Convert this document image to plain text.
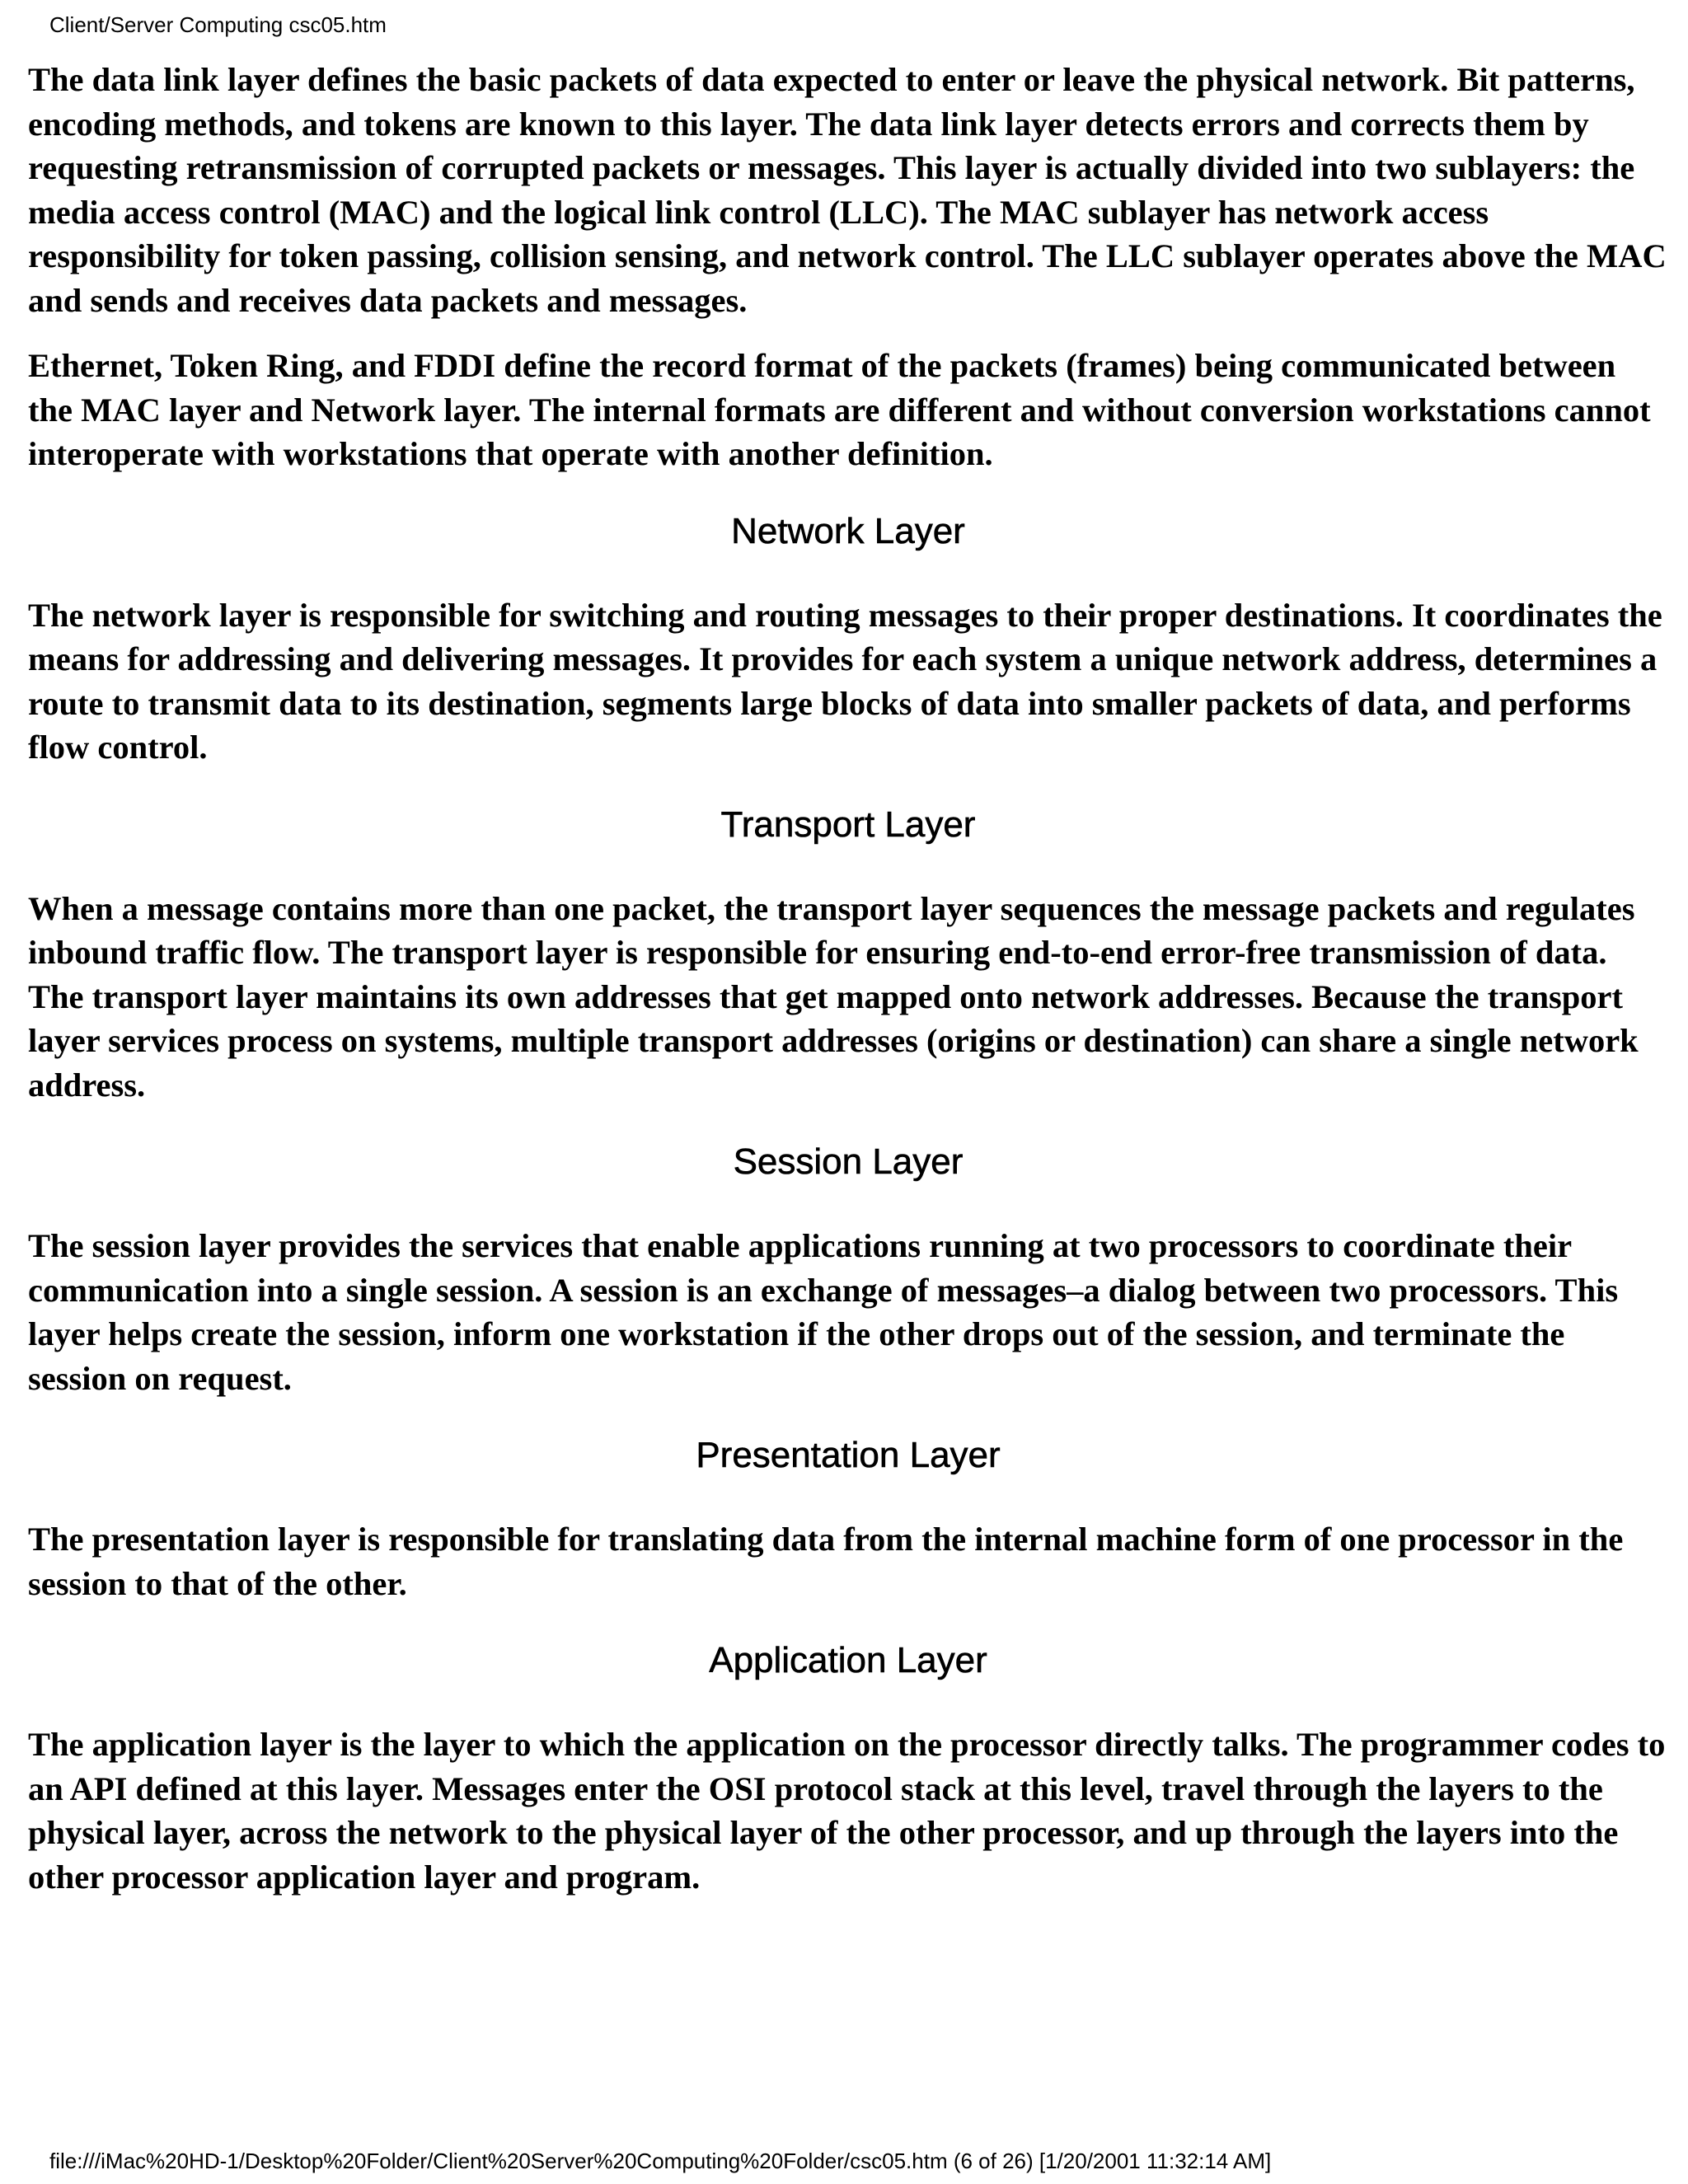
Client/Server Computing csc05.htm

The data link layer defines the basic packets of data expected to enter or leave the physical network. Bit patterns, encoding methods, and tokens are known to this layer. The data link layer detects errors and corrects them by requesting retransmission of corrupted packets or messages. This layer is actually divided into two sublayers: the media access control (MAC) and the logical link control (LLC). The MAC sublayer has network access responsibility for token passing, collision sensing, and network control. The LLC sublayer operates above the MAC and sends and receives data packets and messages.

Ethernet, Token Ring, and FDDI define the record format of the packets (frames) being communicated between the MAC layer and Network layer. The internal formats are different and without conversion workstations cannot interoperate with workstations that operate with another definition.

Network Layer

The network layer is responsible for switching and routing messages to their proper destinations. It coordinates the means for addressing and delivering messages. It provides for each system a unique network address, determines a route to transmit data to its destination, segments large blocks of data into smaller packets of data, and performs flow control.

Transport Layer

When a message contains more than one packet, the transport layer sequences the message packets and regulates inbound traffic flow. The transport layer is responsible for ensuring end-to-end error-free transmission of data. The transport layer maintains its own addresses that get mapped onto network addresses. Because the transport layer services process on systems, multiple transport addresses (origins or destination) can share a single network address.

Session Layer

The session layer provides the services that enable applications running at two processors to coordinate their communication into a single session. A session is an exchange of messages–a dialog between two processors. This layer helps create the session, inform one workstation if the other drops out of the session, and terminate the session on request.

Presentation Layer

The presentation layer is responsible for translating data from the internal machine form of one processor in the session to that of the other.

Application Layer

The application layer is the layer to which the application on the processor directly talks. The programmer codes to an API defined at this layer. Messages enter the OSI protocol stack at this level, travel through the layers to the physical layer, across the network to the physical layer of the other processor, and up through the layers into the other processor application layer and program.

file:///iMac%20HD-1/Desktop%20Folder/Client%20Server%20Computing%20Folder/csc05.htm (6 of 26) [1/20/2001 11:32:14 AM]
